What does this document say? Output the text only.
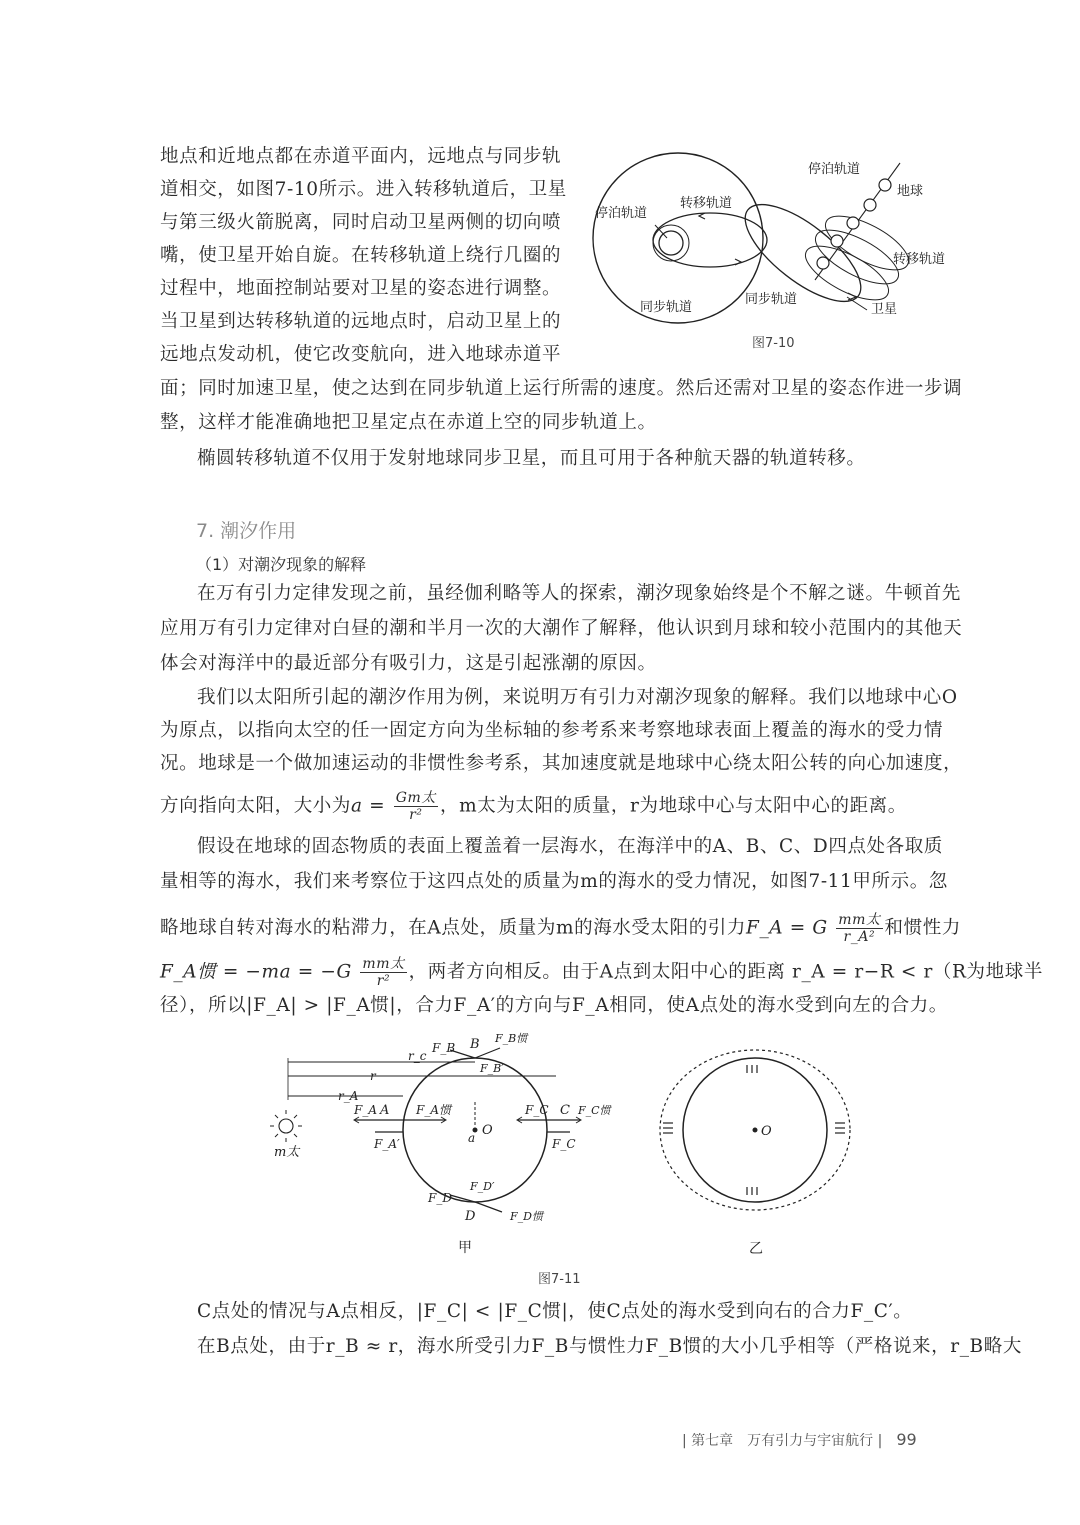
地点和近地点都在赤道平面内，远地点与同步轨
道相交，如图7-10所示。进入转移轨道后，卫星
与第三级火箭脱离，同时启动卫星两侧的切向喷
嘴，使卫星开始自旋。在转移轨道上绕行几圈的
过程中，地面控制站要对卫星的姿态进行调整。
当卫星到达转移轨道的远地点时，启动卫星上的
远地点发动机，使它改变航向，进入地球赤道平
面；同时加速卫星，使之达到在同步轨道上运行所需的速度。然后还需对卫星的姿态作进一步调
整，这样才能准确地把卫星定点在赤道上空的同步轨道上。
椭圆转移轨道不仅用于发射地球同步卫星，而且可用于各种航天器的轨道转移。
停泊轨道
转移轨道
同步轨道
停泊轨道
地球
转移轨道
同步轨道
卫星
图7-10
7. 潮汐作用
（1）对潮汐现象的解释
在万有引力定律发现之前，虽经伽利略等人的探索，潮汐现象始终是个不解之谜。牛顿首先
应用万有引力定律对白昼的潮和半月一次的大潮作了解释，他认识到月球和较小范围内的其他天
体会对海洋中的最近部分有吸引力，这是引起涨潮的原因。
我们以太阳所引起的潮汐作用为例，来说明万有引力对潮汐现象的解释。我们以地球中心O
为原点，以指向太空的任一固定方向为坐标轴的参考系来考察地球表面上覆盖的海水的受力情
况。地球是一个做加速运动的非惯性参考系，其加速度就是地球中心绕太阳公转的向心加速度，
方向指向太阳，大小为a = Gm太
r² ，m太为太阳的质量，r为地球中心与太阳中心的距离。
假设在地球的固态物质的表面上覆盖着一层海水，在海洋中的A、B、C、D四点处各取质
量相等的海水，我们来考察位于这四点处的质量为m的海水的受力情况，如图7-11甲所示。忽
略地球自转对海水的粘滞力，在A点处，质量为m的海水受太阳的引力F_A = G mm太
r_A² 和惯性力
F_A惯 = −ma = −G mm太
r² ，两者方向相反。由于A点到太阳中心的距离 r_A = r−R < r（R为地球半
径），所以|F_A| > |F_A惯|，合力F_A′的方向与F_A相同，使A点处的海水受到向左的合力。
m太
r_c
r
r_A
O
a
F_A A F_A惯
F_A′
F_C C F_C惯
F_C
F_B B F_B惯
F_B′
F_D
D	F_D惯
F_D′
甲
O
乙
图7-11
C点处的情况与A点相反，|F_C| < |F_C惯|，使C点处的海水受到向右的合力F_C′。
在B点处，由于r_B ≈ r，海水所受引力F_B与惯性力F_B惯的大小几乎相等（严格说来，r_B略大
| 第七章　万有引力与宇宙航行 | 99
